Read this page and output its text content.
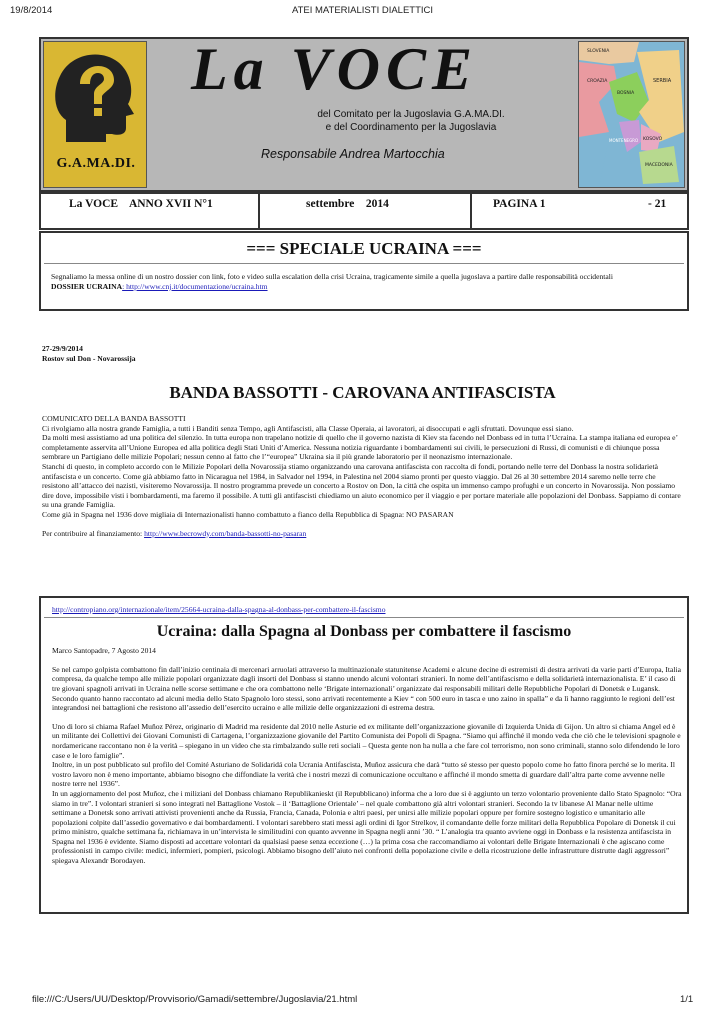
19/8/2014	ATEI MATERIALISTI DIALETTICI
G.A.MA.DI.
La VOCE
del Comitato per la Jugoslavia G.A.MA.DI.
e del Coordinamento per la Jugoslavia
Responsabile Andrea Martocchia
SLOVENIA
CROAZIA
BOSNIA
SERBIA
MONTENEGRO KOSOVO
MACEDONIA
La VOCE    ANNO XVII N°1	settembre    2014	PAGINA 1	- 21
=== SPECIALE UCRAINA ===
Segnaliamo la messa online di un nostro dossier con link, foto e video sulla escalation della crisi Ucraina, tragicamente simile a quella jugoslava a partire dalle responsabilità occidentali
DOSSIER UCRAINA: http://www.cnj.it/documentazione/ucraina.htm
27-29/9/2014
Rostov sul Don - Novarossija
BANDA BASSOTTI - CAROVANA ANTIFASCISTA

COMUNICATO DELLA BANDA BASSOTTI

Ci rivolgiamo alla nostra grande Famiglia, a tutti i Banditi senza Tempo, agli Antifascisti, alla Classe Operaia, ai lavoratori, ai disoccupati e agli sfruttati. Dovunque essi siano.

Da molti mesi assistiamo ad una politica del silenzio. In tutta europa non trapelano notizie di quello che il governo nazista di Kiev sta facendo nel Donbass ed in tutta l’Ucraina. La stampa italiana ed europea e’ completamente asservita all’Unione Europea ed alla politica degli Stati Uniti d’America. Nessuna notizia riguardante i bombardamenti sui civili, le persecuzioni di Russi, di comunisti e di chiunque possa sembrare un Partigiano delle milizie Popolari; nessun cenno al fatto che l’“europea” Ukraina sia il più grande laboratorio per il neonazismo internazionale.

Stanchi di questo, in completo accordo con le Milizie Popolari della Novarossija stiamo organizzando una carovana antifascista con raccolta di fondi, portando nelle terre del Donbass la nostra solidarietà antifascista e un concerto. Come già abbiamo fatto in Nicaragua nel 1984, in Salvador nel 1994, in Palestina nel 2004 siamo pronti per questo viaggio. Dal 26 al 30 settembre 2014 saremo nelle terre che resistono all’attacco dei nazisti, visiteremo Novarossija. Il nostro programma prevede un concerto a Rostov on Don, la città che ospita un immenso campo profughi e un concerto in Novarossija. Non possiamo dire dove, impossibile visti i bombardamenti, ma faremo il possibile. A tutti gli antifascisti chiediamo un aiuto economico per il viaggio e per portare materiale alle popolazioni del Donbass. Sappiamo di contare su una grande Famiglia.

Come già in Spagna nel 1936 dove migliaia di Internazionalisti hanno combattuto a fianco della Repubblica di Spagna: NO PASARAN

Per contribuire al finanziamento: http://www.becrowdy.com/banda-bassotti-no-pasaran

http://contropiano.org/internazionale/item/25664-ucraina-dalla-spagna-al-donbass-per-combattere-il-fascismo
Ucraina: dalla Spagna al Donbass per combattere il fascismo

Marco Santopadre, 7 Agosto 2014

Se nel campo golpista combattono fin dall’inizio centinaia di mercenari arruolati attraverso la multinazionale statunitense Academi e alcune decine di estremisti di destra arrivati da varie parti d’Europa, Italia compresa, da qualche tempo alle milizie popolari organizzate dagli insorti del Donbass si stanno unendo alcuni volontari stranieri. In nome dell’antifascismo e della solidarietà internazionalista. E’ il caso di tre giovani spagnoli arrivati in Ucraina nelle scorse settimane e che ora combattono nelle ‘Brigate internazionali’ organizzate dai responsabili militari delle Repubbliche Popolari di Donetsk e Lugansk. Secondo quanto hanno raccontato ad alcuni media dello Stato Spagnolo loro stessi, sono arrivati recentemente a Kiev “ con 500 euro in tasca e uno zaino in spalla” e da lì hanno raggiunto le regioni dell’est integrandosi nei battaglioni che resistono all’assedio dell’esercito ucraino e alle milizie delle organizzazioni di estrema destra.

Uno di loro si chiama Rafael Muñoz Pérez, originario di Madrid ma residente dal 2010 nelle Asturie ed ex militante dell’organizzazione giovanile di Izquierda Unida di Gijon. Un altro si chiama Angel ed è un militante dei Collettivi dei Giovani Comunisti di Cartagena, l’organizzazione giovanile del Partito Comunista dei Popoli di Spagna. “Siamo qui affinché il mondo veda che ciò che le televisioni spagnole e nordamericane raccontano non è la verità – spiegano in un video che sta rimbalzando sulle reti sociali – Questa gente non ha nulla a che fare col terrorismo, non sono criminali, stanno solo difendendo le loro case e le loro famiglie”.

Inoltre, in un post pubblicato sul profilo del Comité Asturiano de Solidaridá cola Ucrania Antifascista, Muñoz assicura che darà “tutto sé stesso per questo popolo come ho fatto finora perché se lo merita. Il vostro lavoro non è meno importante, abbiamo bisogno che diffondiate la verità che i nostri mezzi di comunicazione occultano e affinché il mondo smetta di guardare dall’altra parte come avvenne nelle nostre terre nel 1936”.

In un aggiornamento del post Muñoz, che i miliziani del Donbass chiamano Republikanieskt (il Repubblicano) informa che a loro due si è aggiunto un terzo volontario proveniente dallo Stato Spagnolo: “Ora siamo in tre”. I volontari stranieri si sono integrati nel Battaglione Vostok – il ‘Battaglione Orientale’ – nel quale combattono già altri volontari stranieri. Secondo la tv libanese Al Manar nelle ultime settimane a Donetsk sono arrivati attivisti provenienti anche da Russia, Francia, Canada, Polonia e altri paesi, per unirsi alle milizie popolari oppure per fornire sostegno logistico e umanitario alle popolazioni colpite dall’assedio governativo e dai bombardamenti. I volontari sarebbero stati messi agli ordini di Igor Strelkov, il comandante delle forze militari della Repubblica Popolare di Donetsk il cui primo ministro, qualche settimana fa, richiamava in un’intervista le similitudini con quanto avvenne in Spagna negli anni ’30. “ L’analogia tra quanto avviene oggi in Donbass e la resistenza antifascista in Spagna nel 1936 è evidente. Siamo disposti ad accettare volontari da qualsiasi paese senza eccezione (…) la prima cosa che raccomandiamo ai volontari delle Brigate Internazionali è che agiscano come professionisti in campo civile: medici, infermieri, pompieri, psicologi. Abbiamo bisogno dell’aiuto nei confronti della popolazione civile e della ricostruzione delle infrastrutture distrutte dagli aggressori” spiegava Alexandr Borodayen.

file:///C:/Users/UU/Desktop/Provvisorio/Gamadi/settembre/Jugoslavia/21.html	1/1
